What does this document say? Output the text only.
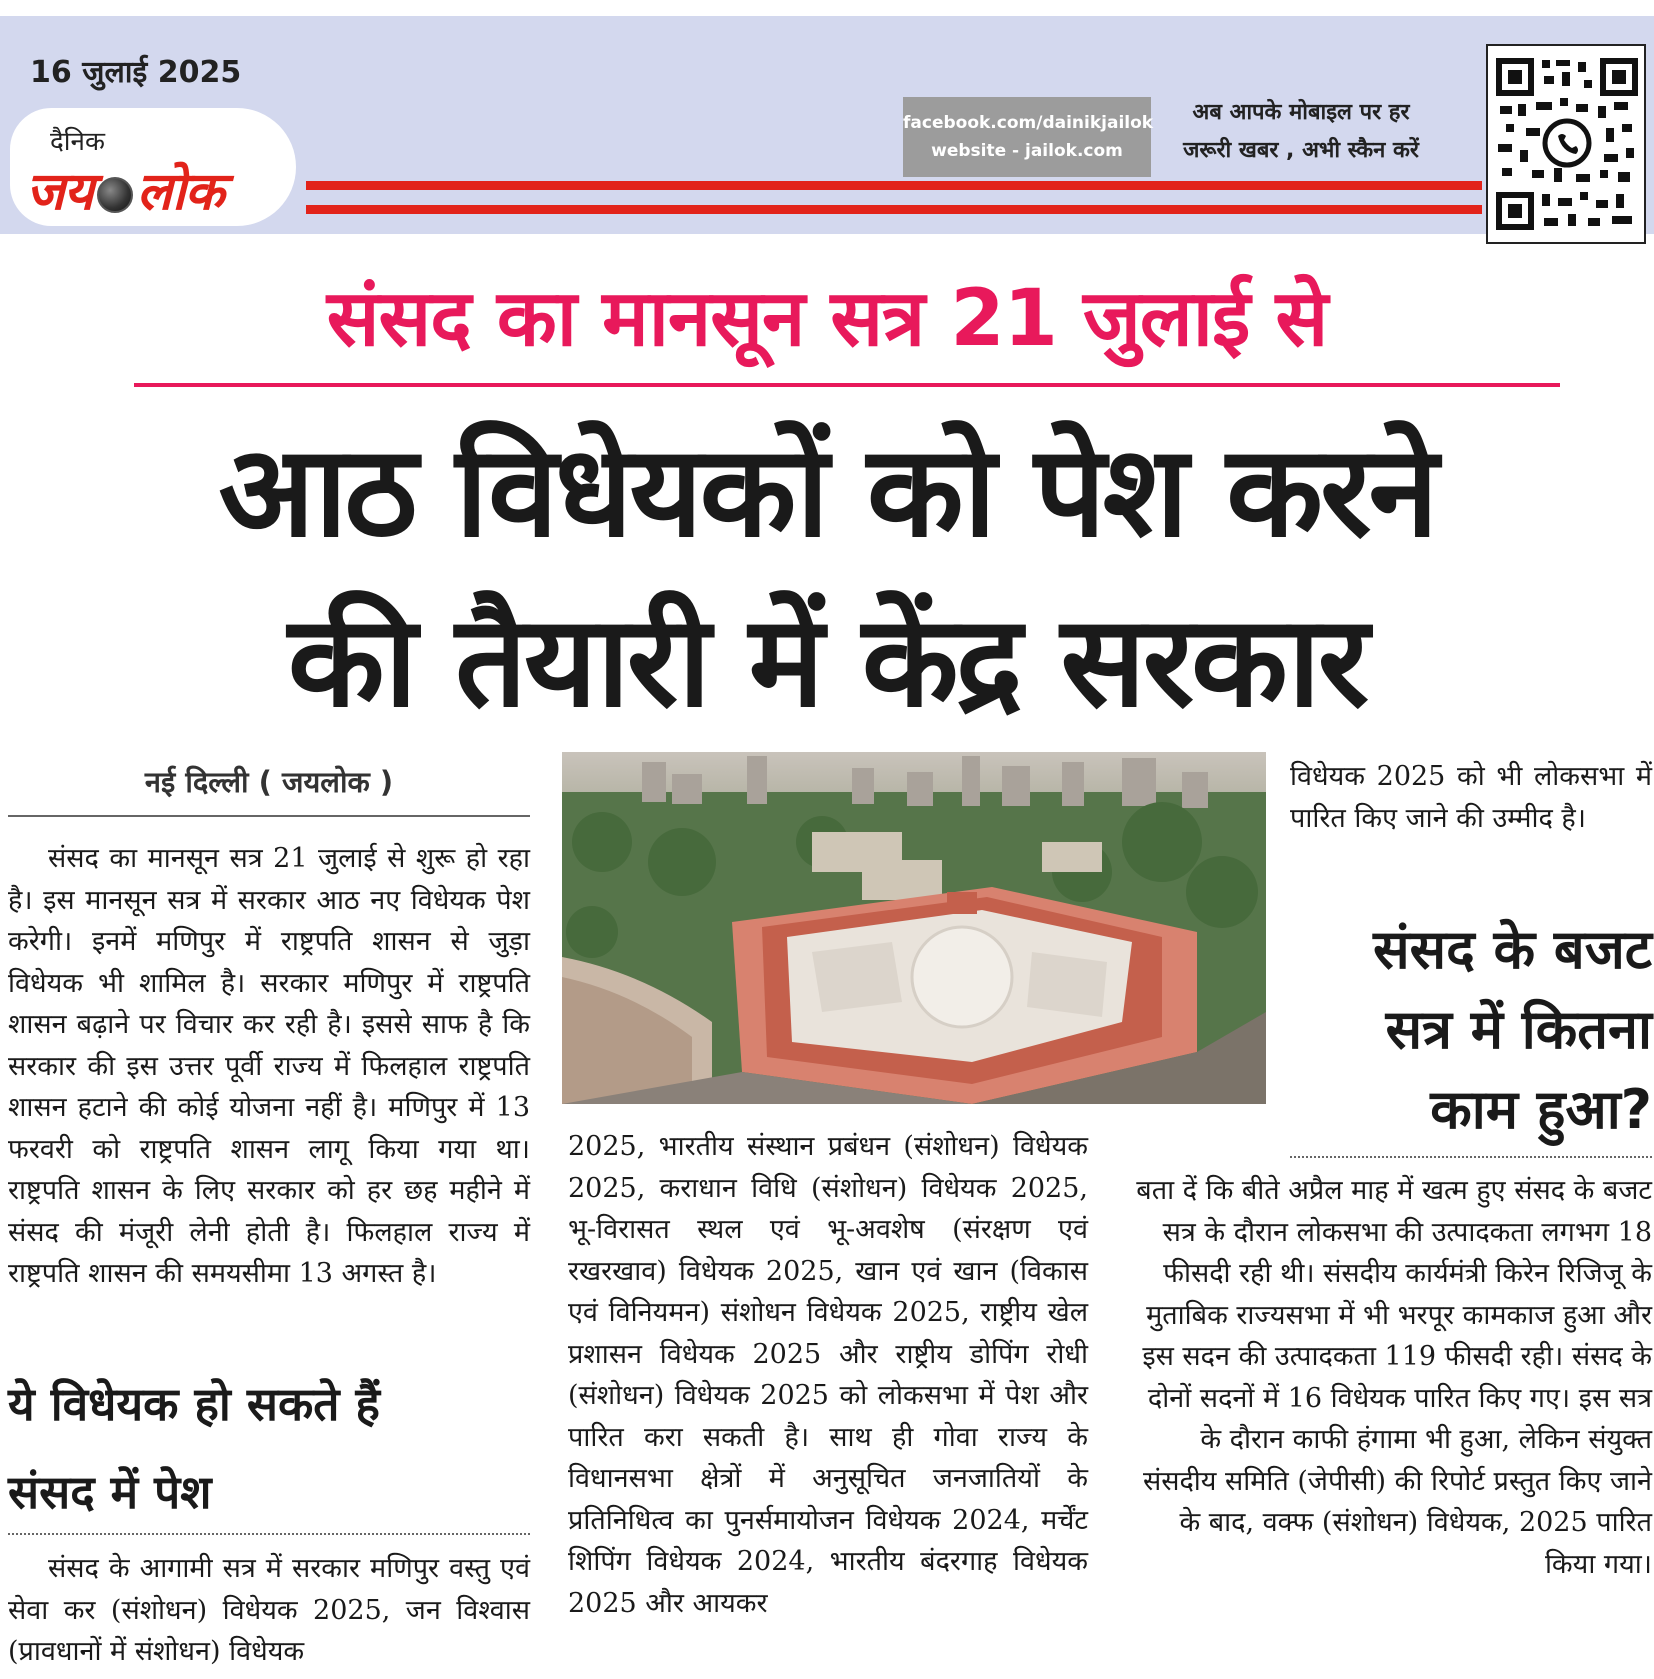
16 जुलाई 2025
दैनिक
जय लोक
facebook.com/dainikjailok
website - jailok.com
अब आपके मोबाइल पर हर
जरूरी खबर , अभी स्कैन करें
संसद का मानसून सत्र 21 जुलाई से
आठ विधेयकों को पेश करने
की तैयारी में केंद्र सरकार
नई दिल्ली ( जयलोक )
संसद का मानसून सत्र 21 जुलाई से शुरू हो रहा है। इस मानसून सत्र में सरकार आठ नए विधेयक पेश करेगी। इनमें मणिपुर में राष्ट्रपति शासन से जुड़ा विधेयक भी शामिल है। सरकार मणिपुर में राष्ट्रपति शासन बढ़ाने पर विचार कर रही है। इससे साफ है कि सरकार की इस उत्तर पूर्वी राज्य में फिलहाल राष्ट्रपति शासन हटाने की कोई योजना नहीं है। मणिपुर में 13 फरवरी को राष्ट्रपति शासन लागू किया गया था। राष्ट्रपति शासन के लिए सरकार को हर छह महीने में संसद की मंजूरी लेनी होती है। फिलहाल राज्य में राष्ट्रपति शासन की समयसीमा 13 अगस्त है।
ये विधेयक हो सकते हैं
संसद में पेश
संसद के आगामी सत्र में सरकार मणिपुर वस्तु एवं सेवा कर (संशोधन) विधेयक 2025, जन विश्वास (प्रावधानों में संशोधन) विधेयक
2025, भारतीय संस्थान प्रबंधन (संशोधन) विधेयक 2025, कराधान विधि (संशोधन) विधेयक 2025, भू-विरासत स्थल एवं भू-अवशेष (संरक्षण एवं रखरखाव) विधेयक 2025, खान एवं खान (विकास एवं विनियमन) संशोधन विधेयक 2025, राष्ट्रीय खेल प्रशासन विधेयक 2025 और राष्ट्रीय डोपिंग रोधी (संशोधन) विधेयक 2025 को लोकसभा में पेश और पारित करा सकती है। साथ ही गोवा राज्य के विधानसभा क्षेत्रों में अनुसूचित जनजातियों के प्रतिनिधित्व का पुनर्समायोजन विधेयक 2024, मर्चेंट शिपिंग विधेयक 2024, भारतीय बंदरगाह विधेयक 2025 और आयकर
विधेयक 2025 को भी लोकसभा में पारित किए जाने की उम्मीद है।
संसद के बजट
सत्र में कितना
काम हुआ?
बता दें कि बीते अप्रैल माह में खत्म हुए संसद के बजट सत्र के दौरान लोकसभा की उत्पादकता लगभग 18 फीसदी रही थी। संसदीय कार्यमंत्री किरेन रिजिजू के मुताबिक राज्यसभा में भी भरपूर कामकाज हुआ और इस सदन की उत्पादकता 119 फीसदी रही। संसद के दोनों सदनों में 16 विधेयक पारित किए गए। इस सत्र के दौरान काफी हंगामा भी हुआ, लेकिन संयुक्त संसदीय समिति (जेपीसी) की रिपोर्ट प्रस्तुत किए जाने के बाद, वक्फ (संशोधन) विधेयक, 2025 पारित किया गया।
